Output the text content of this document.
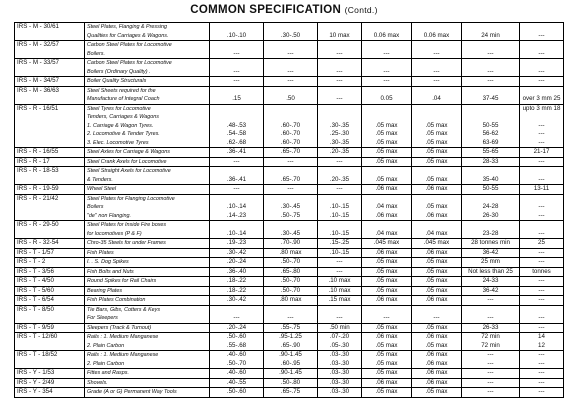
COMMON SPECIFICATION (Contd.)
IRS - M - 30/61	Steel Plates, Flanging & Pressing							
	Qualities for Carriages & Wagons.	.10-.10	.30-.50	10 max	0.06 max	0.06 max	24 min	---
IRS - M - 32/57	Carbon Steel Plates for Locomotive							
	Boilers.	---	---	---	---	---	---	---
IRS - M - 33/57	Carbon Steel Plates for Locomotive							
	Boilers (Ordinary Quality) .	---	---	---	---	---	---	---
IRS - M - 34/57	Boiler Quality Structurals	---	---	---	---	---	---	---
IRS - M - 36/63	Steel Sheets required for the							
	Manufacture of Integral Coach	.15	.50	---	0.05	.04	37-45	over 3 mm 25
IRS - R - 16/51	Steel Tyres for Locomotive							upto 3 mm 18
	Tenders, Carriages & Wagons							
	1. Carriage & Wagon Tyres.	.48-.53	.60-.70	.30-.35	.05 max	.05 max	50-55	---
	2. Locomotive & Tender Tyres.	.54-.58	.60-.70	.25-.30	.05 max	.05 max	56-62	---
	3. Elec. Locomotive Tyres	.62-.68	.60-.70	.30-.35	.05 max	.05 max	63-69	---
IRS - R - 16/55	Steel Axles for Carriage & Wagons	.36-.41	.65-.70	.20-.35	.05 max	.05 max	55-65	21-17
IRS - R - 17	Steel Crank Axels for Locomotive	---	---	---	.05 max	.05 max	28-33	---
IRS - R - 18-53	Steel Straight Axels for Locomotive							
	& Tenders.	.36-.41	.65-.70	.20-.35	.05 max	.05 max	35-40	---
IRS - R - 19-59	Wheel Steel	---	---	---	.06 max	.06 max	50-55	13-11
IRS - R - 21/42	Steel Plates for Flanging Locomotive							
	Boilers	.10-.14	.30-.45	.10-.15	.04 max	.05 max	24-28	---
	"de" non Flanging.	.14-.23	.50-.75	.10-.15	.06 max	.06 max	26-30	---
IRS - R - 29-50	Steel Plates for Inside Fire boxes							
	for locomotives (P & F)	.10-.14	.30-.45	.10-.15	.04 max	.04 max	23-28	---
IRS - R - 32-54	Chro-35 Steels for under Frames	.19-.23	.70-.90	.15-.25	.045 max	.045 max	28 tonnes min	25
IRS - T - 1/57	Fish Plates	.30-.42	.80 max	.10-.15	.06 max	.06 max	36-42	---
IRS - T - 2	I. . S. Dog Spikes	.20-.24	.50-.70	---	.05 max	.05 max	25 mm	---
IRS - T - 3/56	Fish Bolts and Nuts	.36-.40	.65-.80	---	.05 max	.05 max	Not less than 25	tonnes
IRS - T - 4/50	Round Spikes for Rail Chairs	.18-.22	.50-.70	.10 max	.05 max	.05 max	24-33	---
IRS - T - 5/60	Bearing Plates	.18-.22	.50-.70	.10 max	.05 max	.05 max	36-42	---
IRS - T - 6/54	Fish Plates Combination	.30-.42	.80 max	.15 max	.06 max	.06 max	---	---
IRS - T - 8/50	Tie Bars, Gibs, Cotters & Keys							
	For Sleepers	---	---	---	---	---	---	---
IRS - T - 9/59	Sleepers (Track & Turnout)	.20-.24	.55-.75	.50 min	.05 max	.05 max	26-33	---
IRS - T - 12/60	Rails : 1. Medium Manganese	.50-.60	.95-1.25	.07-.20	.06 max	.06 max	72 min	14
	2. Plain Carbon	.55-.68	.65-.90	.05-.30	.05 max	.05 max	72 min	12
IRS - T - 18/52	Rails : 1. Medium Manganese	.40-.60	.90-1.45	.03-.30	.05 max	.06 max	---	---
	2. Plain Carbon	.50-.70	.60-.95	.03-.30	.05 max	.06 max	---	---
IRS - Y - 1/53	Fittes and Rasps.	.40-.60	.90-1.45	.03-.30	.05 max	.06 max	---	---
IRS - Y - 2/49	Shovels.	.40-.55	.50-.80	.03-.30	.06 max	.06 max	---	---
IRS - Y - 354	Grade (A or G) Permanent Way Tools	.50-.60	.65-.75	.03-.30	.05 max	.05 max	---	---
